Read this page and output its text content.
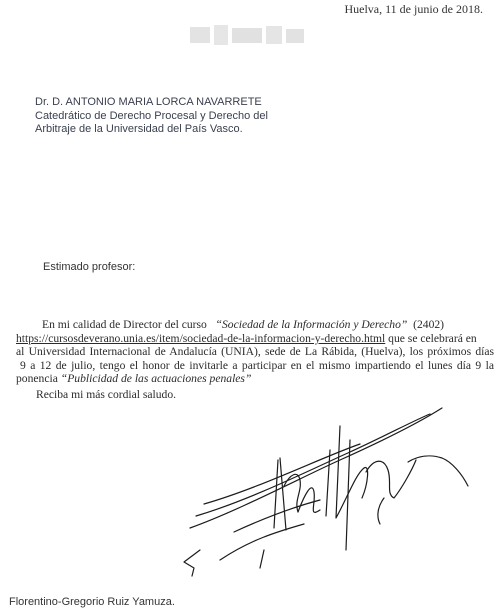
Huelva, 11 de junio de 2018.
Dr. D. ANTONIO MARIA LORCA NAVARRETE
Catedrático de Derecho Procesal y Derecho del
Arbitraje de la Universidad del País Vasco.
Estimado profesor:
En mi calidad de Director del curso “Sociedad de la Información y Derecho” (2402)
https://cursosdeverano.unia.es/item/sociedad-de-la-informacion-y-derecho.html que se celebrará en
al Universidad Internacional de Andalucía (UNIA), sede de La Rábida, (Huelva), los próximos días
9 a 12 de julio, tengo el honor de invitarle a participar en el mismo impartiendo el lunes día 9 la
ponencia “Publicidad de las actuaciones penales”
Reciba mi más cordial saludo.
Florentino-Gregorio Ruiz Yamuza.
